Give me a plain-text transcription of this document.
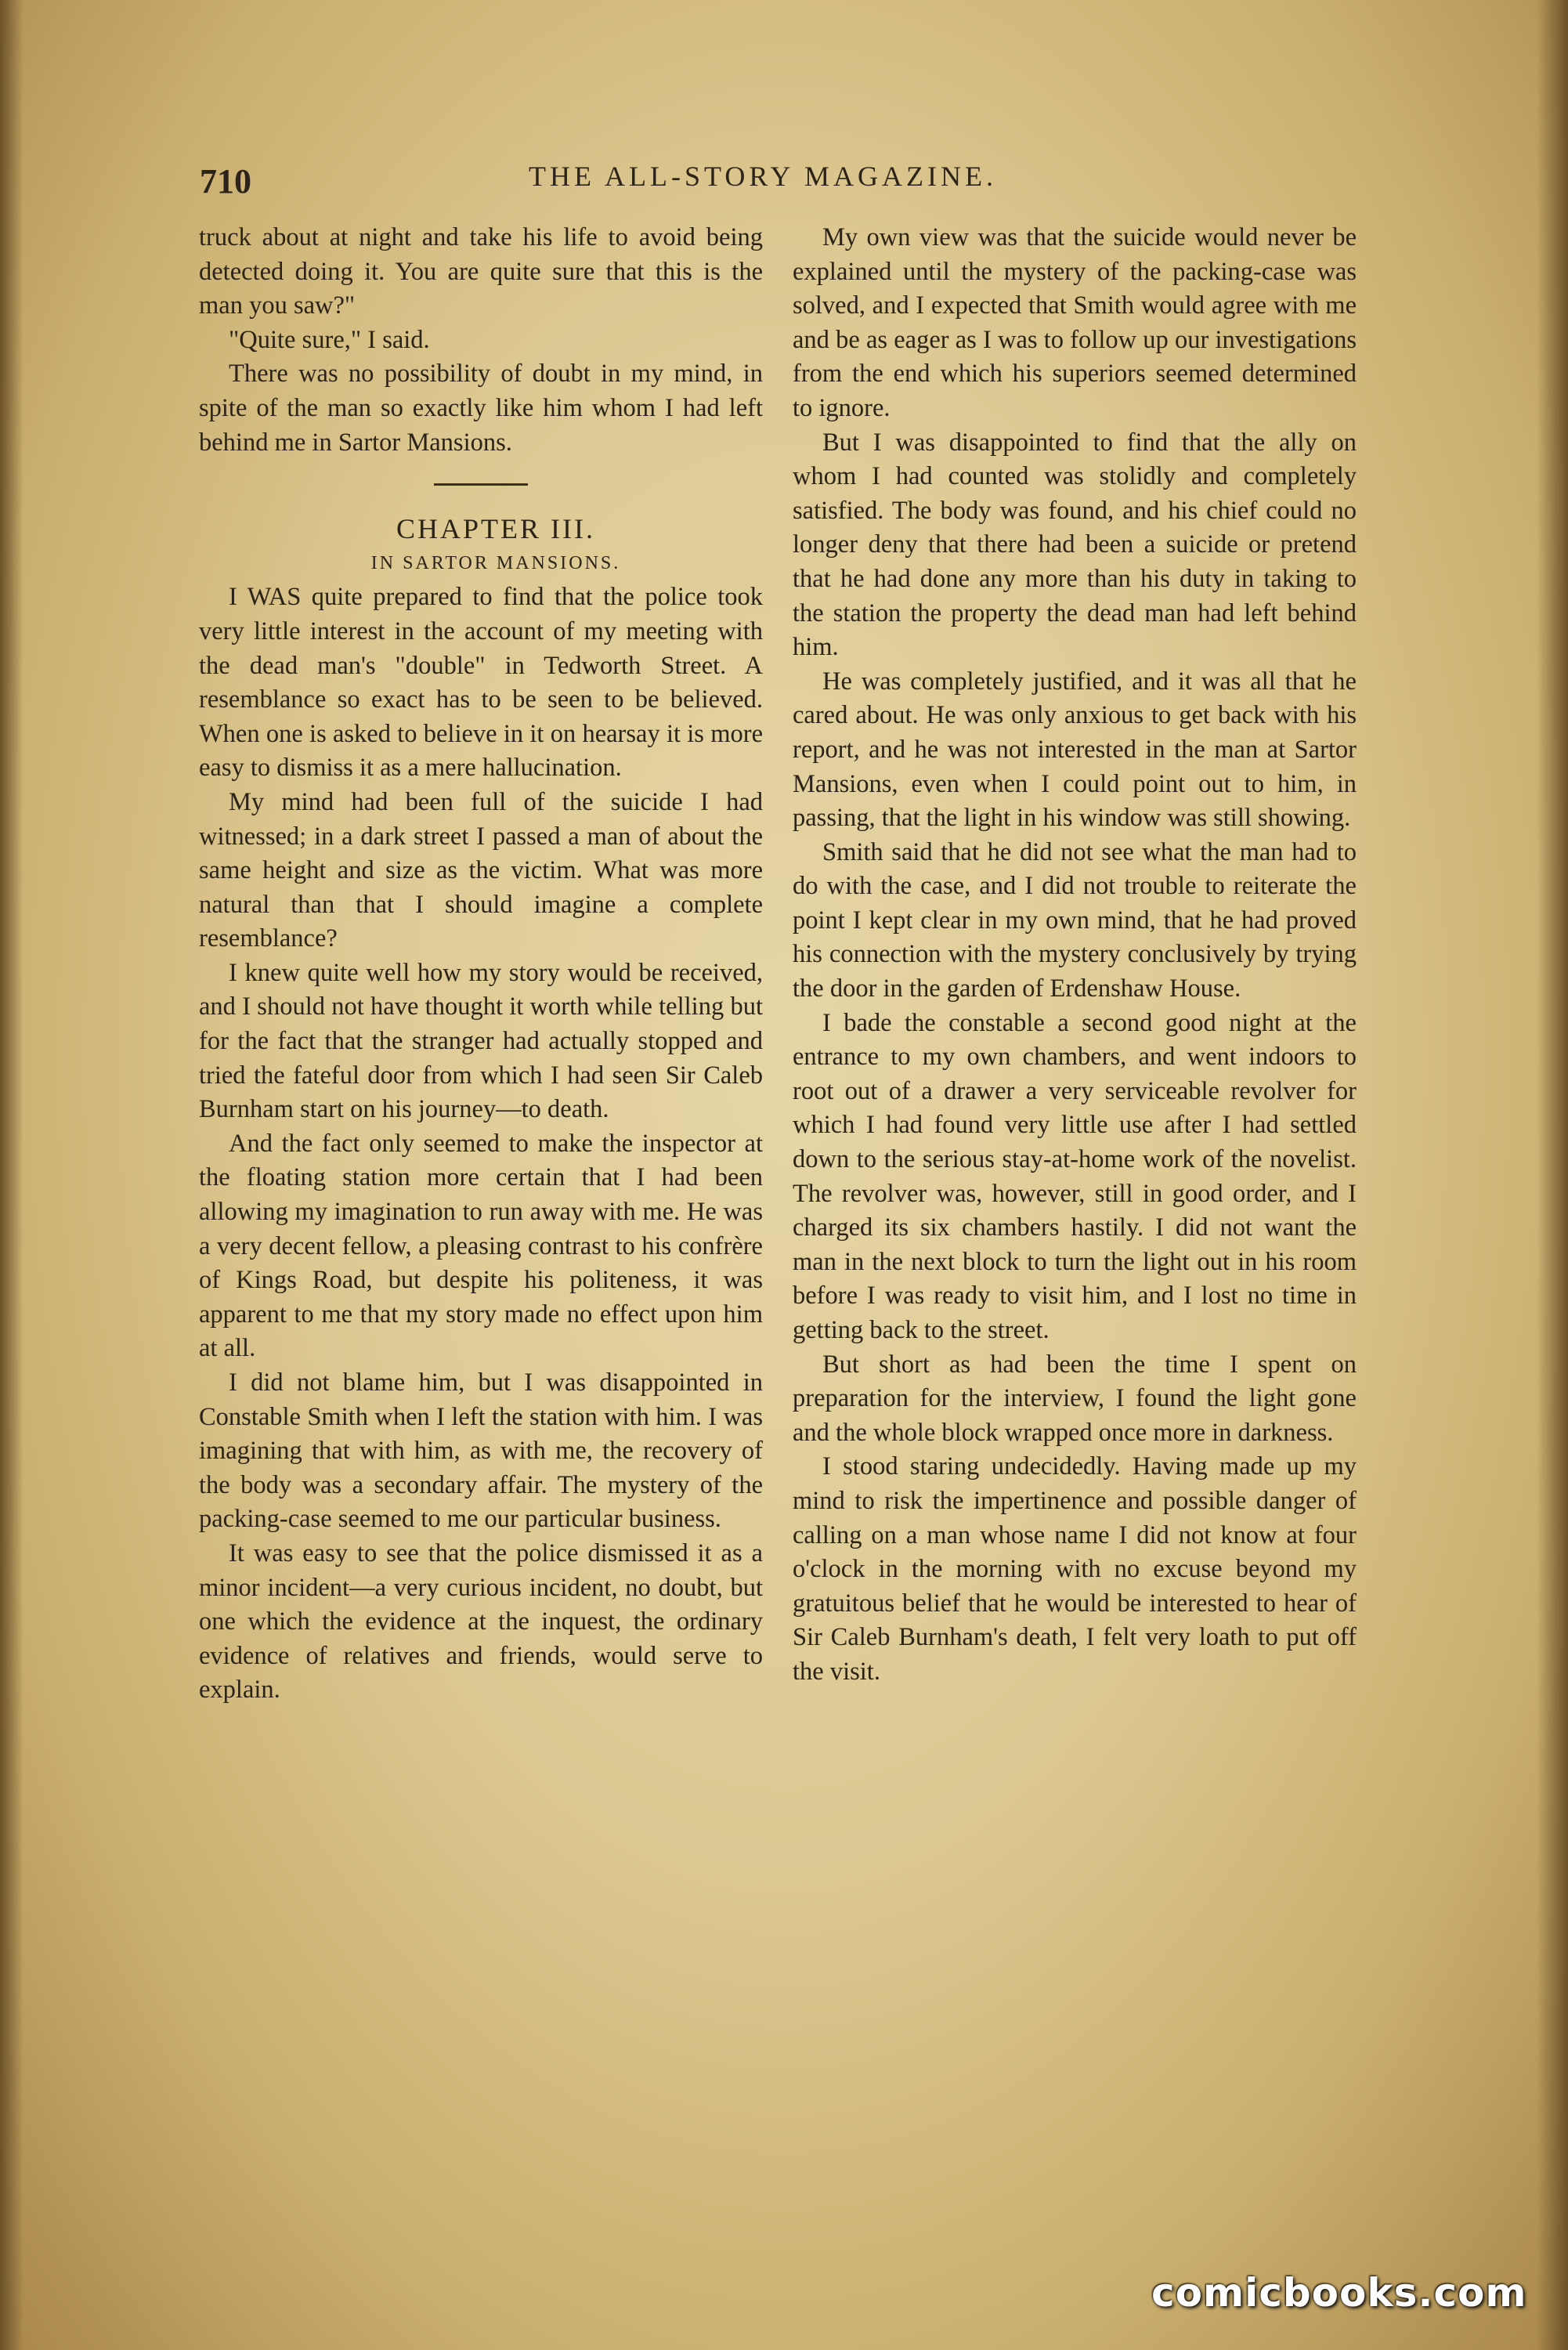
710	THE ALL-STORY MAGAZINE.

truck about at night and take his life to avoid being detected doing it. You are quite sure that this is the man you saw?"

"Quite sure," I said.

There was no possibility of doubt in my mind, in spite of the man so exactly like him whom I had left behind me in Sartor Mansions.

CHAPTER III.

IN SARTOR MANSIONS.

I WAS quite prepared to find that the police took very little interest in the account of my meeting with the dead man's "double" in Tedworth Street. A resemblance so exact has to be seen to be believed. When one is asked to believe in it on hearsay it is more easy to dismiss it as a mere hallucination.

My mind had been full of the suicide I had witnessed; in a dark street I passed a man of about the same height and size as the victim. What was more natural than that I should imagine a complete resemblance?

I knew quite well how my story would be received, and I should not have thought it worth while telling but for the fact that the stranger had actually stopped and tried the fateful door from which I had seen Sir Caleb Burnham start on his journey—to death.

And the fact only seemed to make the inspector at the floating station more certain that I had been allowing my imagination to run away with me. He was a very decent fellow, a pleasing contrast to his confrère of Kings Road, but despite his politeness, it was apparent to me that my story made no effect upon him at all.

I did not blame him, but I was disappointed in Constable Smith when I left the station with him. I was imagining that with him, as with me, the recovery of the body was a secondary affair. The mystery of the packing-case seemed to me our particular business.

It was easy to see that the police dismissed it as a minor incident—a very curious incident, no doubt, but one which the evidence at the inquest, the ordinary evidence of relatives and friends, would serve to explain.

My own view was that the suicide would never be explained until the mystery of the packing-case was solved, and I expected that Smith would agree with me and be as eager as I was to follow up our investigations from the end which his superiors seemed determined to ignore.

But I was disappointed to find that the ally on whom I had counted was stolidly and completely satisfied. The body was found, and his chief could no longer deny that there had been a suicide or pretend that he had done any more than his duty in taking to the station the property the dead man had left behind him.

He was completely justified, and it was all that he cared about. He was only anxious to get back with his report, and he was not interested in the man at Sartor Mansions, even when I could point out to him, in passing, that the light in his window was still showing.

Smith said that he did not see what the man had to do with the case, and I did not trouble to reiterate the point I kept clear in my own mind, that he had proved his connection with the mystery conclusively by trying the door in the garden of Erdenshaw House.

I bade the constable a second good night at the entrance to my own chambers, and went indoors to root out of a drawer a very serviceable revolver for which I had found very little use after I had settled down to the serious stay-at-home work of the novelist. The revolver was, however, still in good order, and I charged its six chambers hastily. I did not want the man in the next block to turn the light out in his room before I was ready to visit him, and I lost no time in getting back to the street.

But short as had been the time I spent on preparation for the interview, I found the light gone and the whole block wrapped once more in darkness.

I stood staring undecidedly. Having made up my mind to risk the impertinence and possible danger of calling on a man whose name I did not know at four o'clock in the morning with no excuse beyond my gratuitous belief that he would be interested to hear of Sir Caleb Burnham's death, I felt very loath to put off the visit.

comicbooks.com
